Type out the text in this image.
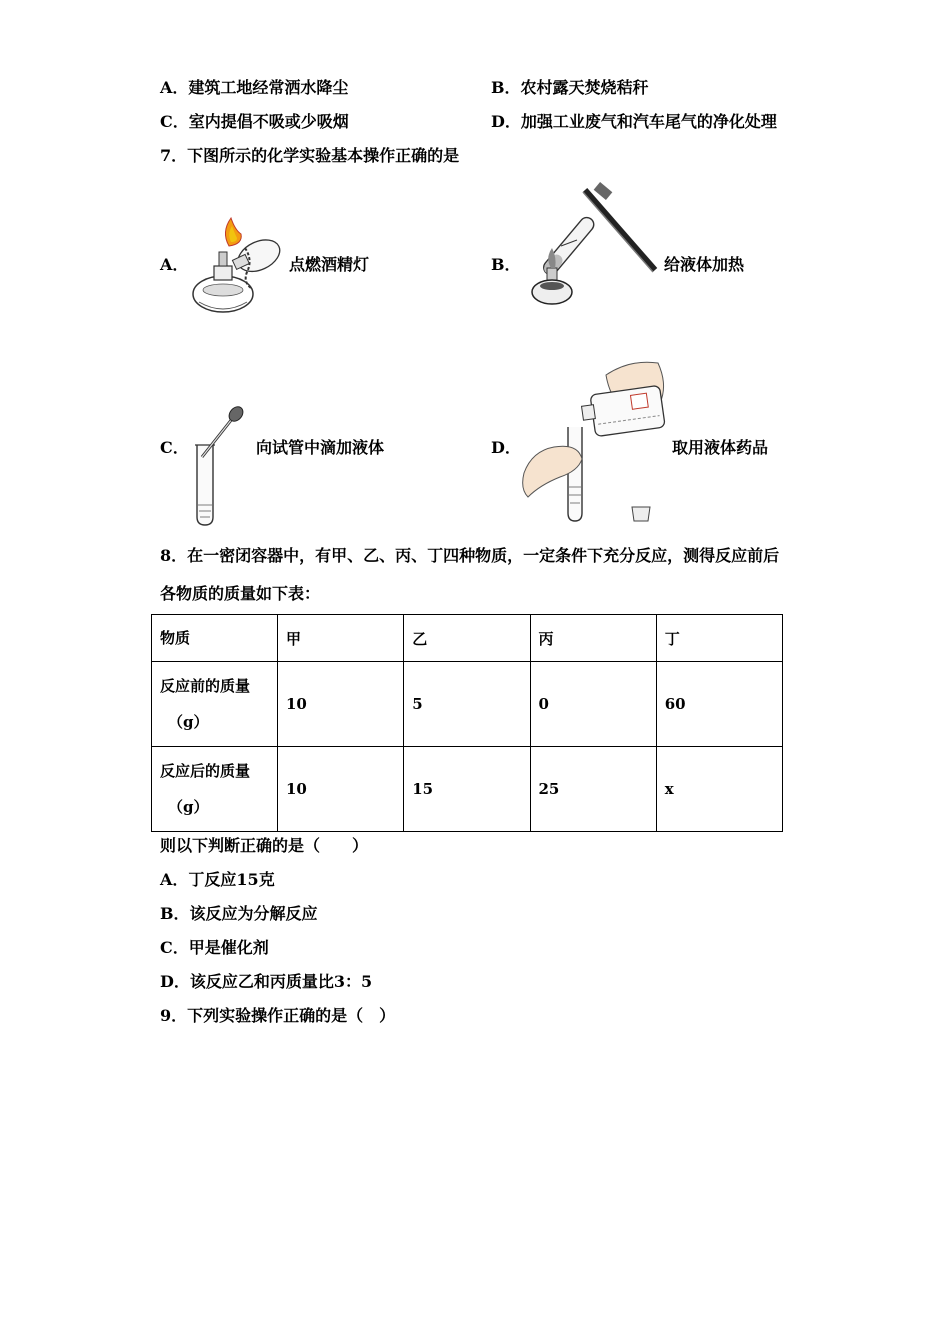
A．建筑工地经常洒水降尘	B．农村露天焚烧秸秆
C．室内提倡不吸或少吸烟	D．加强工业废气和汽车尾气的净化处理
7．下图所示的化学实验基本操作正确的是
A．	点燃酒精灯	B．	给液体加热
C．	向试管中滴加液体	D．	取用液体药品
8．在一密闭容器中，有甲、乙、丙、丁四种物质，一定条件下充分反应，测得反应前后
各物质的质量如下表：
物质	甲	乙	丙	丁

反应前的质量
（g）	10	5	0	60

反应后的质量
（g）	10	15	25	x
则以下判断正确的是（　　）
A．丁反应15克
B．该反应为分解反应
C．甲是催化剂
D．该反应乙和丙质量比3：5
9．下列实验操作正确的是（　）
